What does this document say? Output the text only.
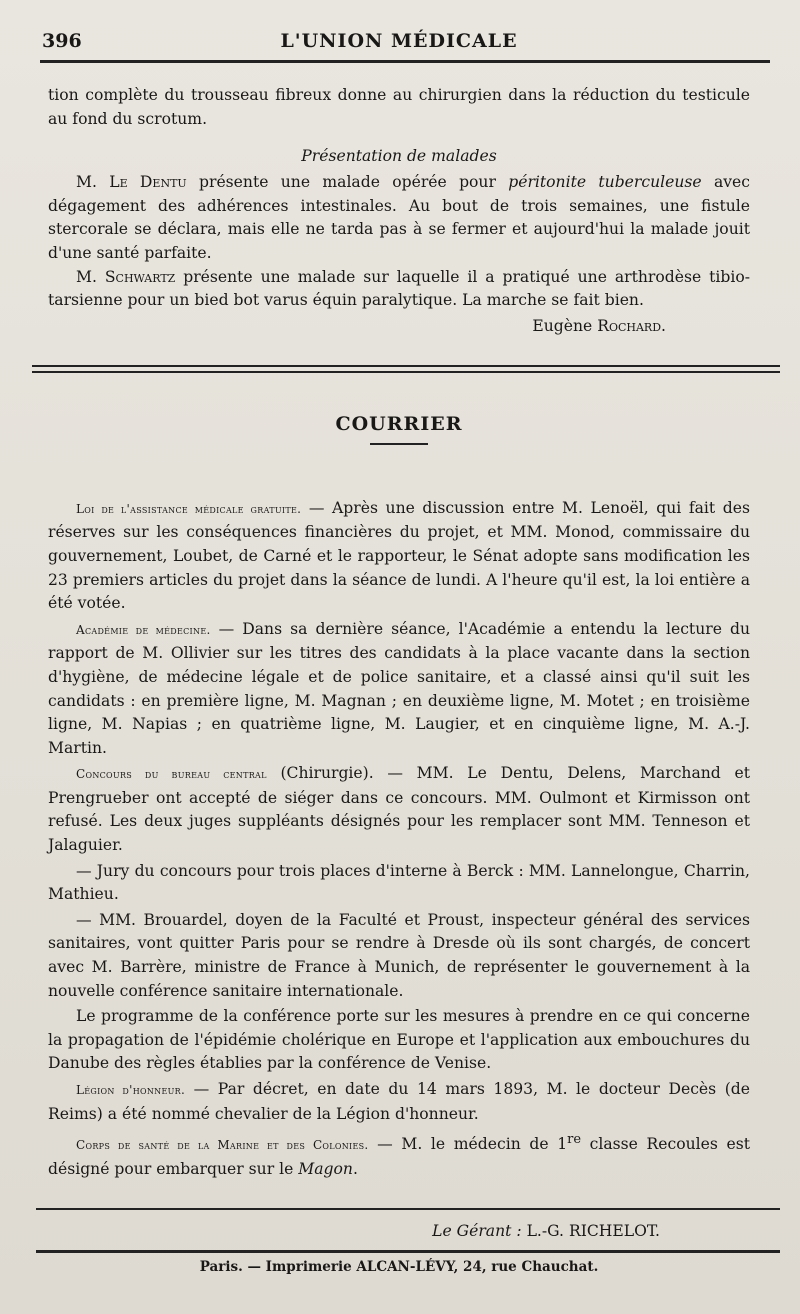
396	L'UNION MÉDICALE

tion complète du trousseau fibreux donne au chirurgien dans la réduction du testicule au fond du scrotum.

Présentation de malades

M. Le Dentu présente une malade opérée pour péritonite tuberculeuse avec dégagement des adhérences intestinales. Au bout de trois semaines, une fistule stercorale se déclara, mais elle ne tarda pas à se fermer et aujourd'hui la malade jouit d'une santé parfaite.

M. Schwartz présente une malade sur laquelle il a pratiqué une arthrodèse tibio-tarsienne pour un bied bot varus équin paralytique. La marche se fait bien.

Eugène Rochard.
COURRIER

Loi de l'assistance médicale gratuite. — Après une discussion entre M. Lenoël, qui fait des réserves sur les conséquences financières du projet, et MM. Monod, commissaire du gouvernement, Loubet, de Carné et le rapporteur, le Sénat adopte sans modification les 23 premiers articles du projet dans la séance de lundi. A l'heure qu'il est, la loi entière a été votée.

Académie de médecine. — Dans sa dernière séance, l'Académie a entendu la lecture du rapport de M. Ollivier sur les titres des candidats à la place vacante dans la section d'hygiène, de médecine légale et de police sanitaire, et a classé ainsi qu'il suit les candidats : en première ligne, M. Magnan ; en deuxième ligne, M. Motet ; en troisième ligne, M. Napias ; en quatrième ligne, M. Laugier, et en cinquième ligne, M. A.-J. Martin.

Concours du bureau central (Chirurgie). — MM. Le Dentu, Delens, Marchand et Prengrueber ont accepté de siéger dans ce concours. MM. Oulmont et Kirmisson ont refusé. Les deux juges suppléants désignés pour les remplacer sont MM. Tenneson et Jalaguier.

— Jury du concours pour trois places d'interne à Berck : MM. Lannelongue, Charrin, Mathieu.

— MM. Brouardel, doyen de la Faculté et Proust, inspecteur général des services sanitaires, vont quitter Paris pour se rendre à Dresde où ils sont chargés, de concert avec M. Barrère, ministre de France à Munich, de représenter le gouvernement à la nouvelle conférence sanitaire internationale.

Le programme de la conférence porte sur les mesures à prendre en ce qui concerne la propagation de l'épidémie cholérique en Europe et l'application aux embouchures du Danube des règles établies par la conférence de Venise.

Légion d'honneur. — Par décret, en date du 14 mars 1893, M. le docteur Decès (de Reims) a été nommé chevalier de la Légion d'honneur.

Corps de santé de la Marine et des Colonies. — M. le médecin de 1re classe Recoules est désigné pour embarquer sur le Magon.

Le Gérant : L.-G. RICHELOT.
Paris. — Imprimerie ALCAN-LÉVY, 24, rue Chauchat.
